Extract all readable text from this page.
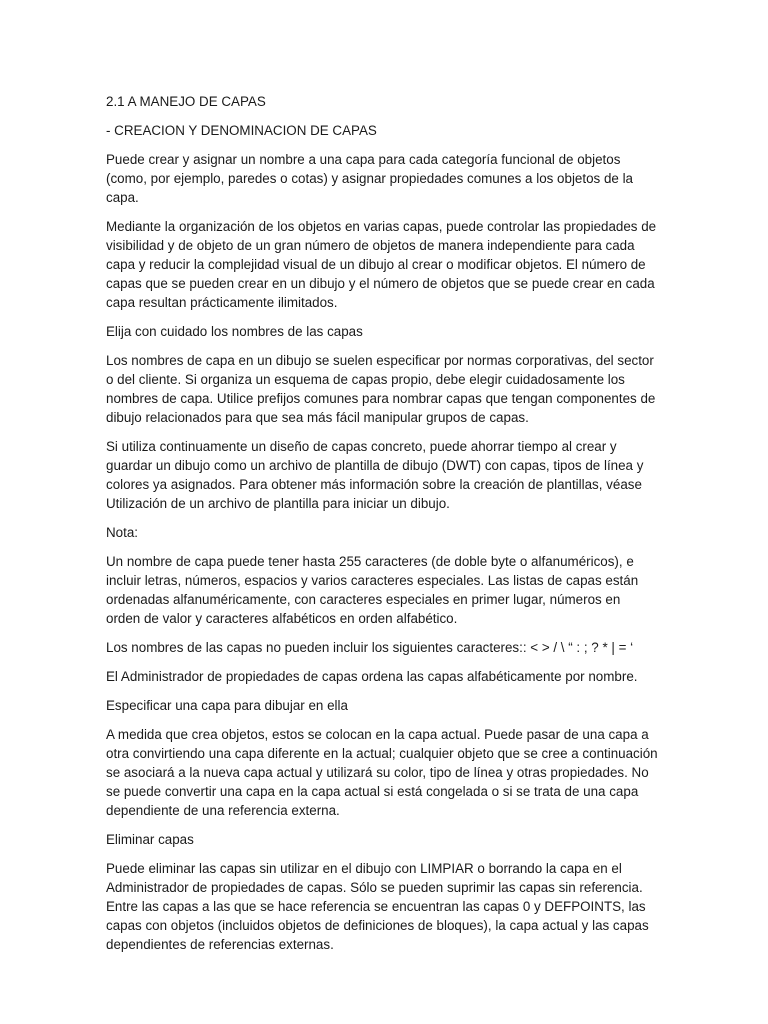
2.1 A MANEJO DE CAPAS

- CREACION Y DENOMINACION DE CAPAS

Puede crear y asignar un nombre a una capa para cada categoría funcional de objetos (como, por ejemplo, paredes o cotas) y asignar propiedades comunes a los objetos de la capa.

Mediante la organización de los objetos en varias capas, puede controlar las propiedades de visibilidad y de objeto de un gran número de objetos de manera independiente para cada capa y reducir la complejidad visual de un dibujo al crear o modificar objetos. El número de capas que se pueden crear en un dibujo y el número de objetos que se puede crear en cada capa resultan prácticamente ilimitados.

Elija con cuidado los nombres de las capas

Los nombres de capa en un dibujo se suelen especificar por normas corporativas, del sector o del cliente. Si organiza un esquema de capas propio, debe elegir cuidadosamente los nombres de capa. Utilice prefijos comunes para nombrar capas que tengan componentes de dibujo relacionados para que sea más fácil manipular grupos de capas.

Si utiliza continuamente un diseño de capas concreto, puede ahorrar tiempo al crear y guardar un dibujo como un archivo de plantilla de dibujo (DWT) con capas, tipos de línea y colores ya asignados. Para obtener más información sobre la creación de plantillas, véase Utilización de un archivo de plantilla para iniciar un dibujo.

Nota:

Un nombre de capa puede tener hasta 255 caracteres (de doble byte o alfanuméricos), e incluir letras, números, espacios y varios caracteres especiales. Las listas de capas están ordenadas alfanuméricamente, con caracteres especiales en primer lugar, números en orden de valor y caracteres alfabéticos en orden alfabético.

Los nombres de las capas no pueden incluir los siguientes caracteres:: < > / \ “ : ; ? * | = ‘

El Administrador de propiedades de capas ordena las capas alfabéticamente por nombre.

Especificar una capa para dibujar en ella

A medida que crea objetos, estos se colocan en la capa actual. Puede pasar de una capa a otra convirtiendo una capa diferente en la actual; cualquier objeto que se cree a continuación se asociará a la nueva capa actual y utilizará su color, tipo de línea y otras propiedades. No se puede convertir una capa en la capa actual si está congelada o si se trata de una capa dependiente de una referencia externa.

Eliminar capas

Puede eliminar las capas sin utilizar en el dibujo con LIMPIAR o borrando la capa en el Administrador de propiedades de capas. Sólo se pueden suprimir las capas sin referencia. Entre las capas a las que se hace referencia se encuentran las capas 0 y DEFPOINTS, las capas con objetos (incluidos objetos de definiciones de bloques), la capa actual y las capas dependientes de referencias externas.
